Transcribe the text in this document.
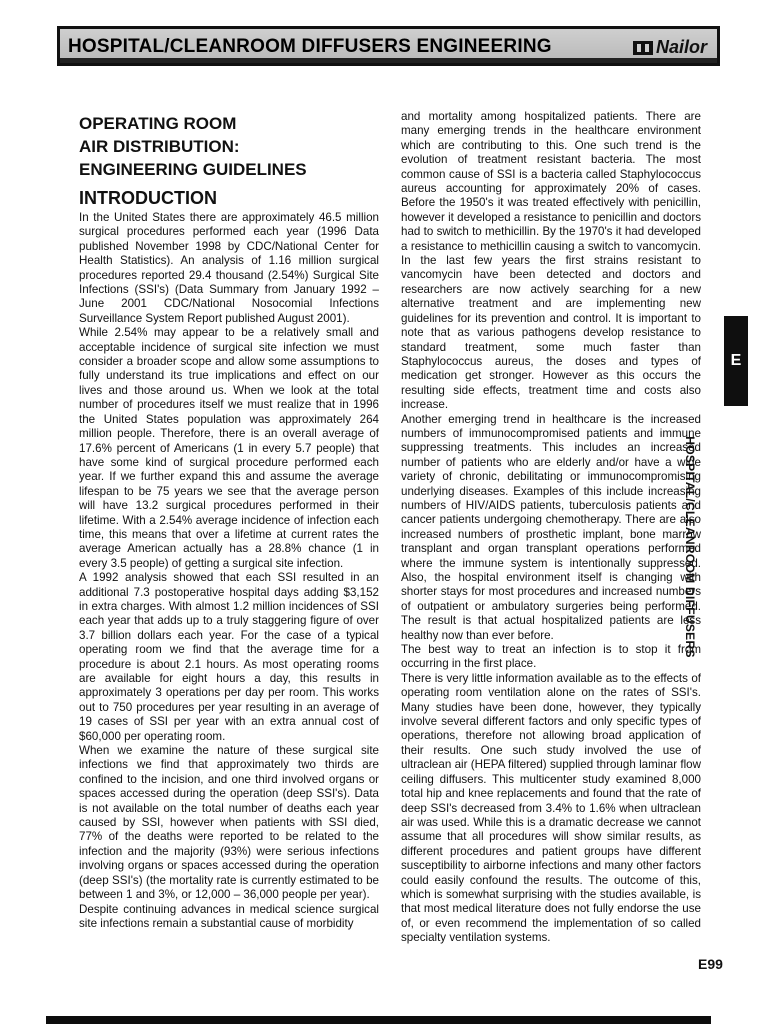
HOSPITAL/CLEANROOM DIFFUSERS ENGINEERING	Nailor
OPERATING ROOM
AIR DISTRIBUTION:
ENGINEERING GUIDELINES
INTRODUCTION

In the United States there are approximately 46.5 million surgical procedures performed each year (1996 Data published November 1998 by CDC/National Center for Health Statistics). An analysis of 1.16 million surgical procedures reported 29.4 thousand (2.54%) Surgical Site Infections (SSI's) (Data Summary from January 1992 – June 2001 CDC/National Nosocomial Infections Surveillance System Report published August 2001).

While 2.54% may appear to be a relatively small and acceptable incidence of surgical site infection we must consider a broader scope and allow some assumptions to fully understand its true implications and effect on our lives and those around us. When we look at the total number of procedures itself we must realize that in 1996 the United States population was approximately 264 million people. Therefore, there is an overall average of 17.6% percent of Americans (1 in every 5.7 people) that have some kind of surgical procedure performed each year. If we further expand this and assume the average lifespan to be 75 years we see that the average person will have 13.2 surgical procedures performed in their lifetime. With a 2.54% average incidence of infection each time, this means that over a lifetime at current rates the average American actually has a 28.8% chance (1 in every 3.5 people) of getting a surgical site infection.

A 1992 analysis showed that each SSI resulted in an additional 7.3 postoperative hospital days adding $3,152 in extra charges. With almost 1.2 million incidences of SSI each year that adds up to a truly staggering figure of over 3.7 billion dollars each year. For the case of a typical operating room we find that the average time for a procedure is about 2.1 hours. As most operating rooms are available for eight hours a day, this results in approximately 3 operations per day per room. This works out to 750 procedures per year resulting in an average of 19 cases of SSI per year with an extra annual cost of $60,000 per operating room.

When we examine the nature of these surgical site infections we find that approximately two thirds are confined to the incision, and one third involved organs or spaces accessed during the operation (deep SSI's). Data is not available on the total number of deaths each year caused by SSI, however when patients with SSI died, 77% of the deaths were reported to be related to the infection and the majority (93%) were serious infections involving organs or spaces accessed during the operation (deep SSI's) (the mortality rate is currently estimated to be between 1 and 3%, or 12,000 – 36,000 people per year).

Despite continuing advances in medical science surgical site infections remain a substantial cause of morbidity

and mortality among hospitalized patients. There are many emerging trends in the healthcare environment which are contributing to this. One such trend is the evolution of treatment resistant bacteria. The most common cause of SSI is a bacteria called Staphylococcus aureus accounting for approximately 20% of cases. Before the 1950's it was treated effectively with penicillin, however it developed a resistance to penicillin and doctors had to switch to methicillin. By the 1970's it had developed a resistance to methicillin causing a switch to vancomycin. In the last few years the first strains resistant to vancomycin have been detected and doctors and researchers are now actively searching for a new alternative treatment and are implementing new guidelines for its prevention and control. It is important to note that as various pathogens develop resistance to standard treatment, some much faster than Staphylococcus aureus, the doses and types of medication get stronger. However as this occurs the resulting side effects, treatment time and costs also increase.

Another emerging trend in healthcare is the increased numbers of immunocompromised patients and immune suppressing treatments. This includes an increased number of patients who are elderly and/or have a wide variety of chronic, debilitating or immunocompromising underlying diseases. Examples of this include increasing numbers of HIV/AIDS patients, tuberculosis patients and cancer patients undergoing chemotherapy. There are also increased numbers of prosthetic implant, bone marrow transplant and organ transplant operations performed where the immune system is intentionally suppressed. Also, the hospital environment itself is changing with shorter stays for most procedures and increased numbers of outpatient or ambulatory surgeries being performed. The result is that actual hospitalized patients are less healthy now than ever before.

The best way to treat an infection is to stop it from occurring in the first place.

There is very little information available as to the effects of operating room ventilation alone on the rates of SSI's. Many studies have been done, however, they typically involve several different factors and only specific types of operations, therefore not allowing broad application of their results. One such study involved the use of ultraclean air (HEPA filtered) supplied through laminar flow ceiling diffusers. This multicenter study examined 8,000 total hip and knee replacements and found that the rate of deep SSI's decreased from 3.4% to 1.6% when ultraclean air was used. While this is a dramatic decrease we cannot assume that all procedures will show similar results, as different procedures and patient groups have different susceptibility to airborne infections and many other factors could easily confound the results. The outcome of this, which is somewhat surprising with the studies available, is that most medical literature does not fully endorse the use of, or even recommend the implementation of so called specialty ventilation systems.

E
HOSPITAL/CLEANROOM DIFFUSERS
E99
